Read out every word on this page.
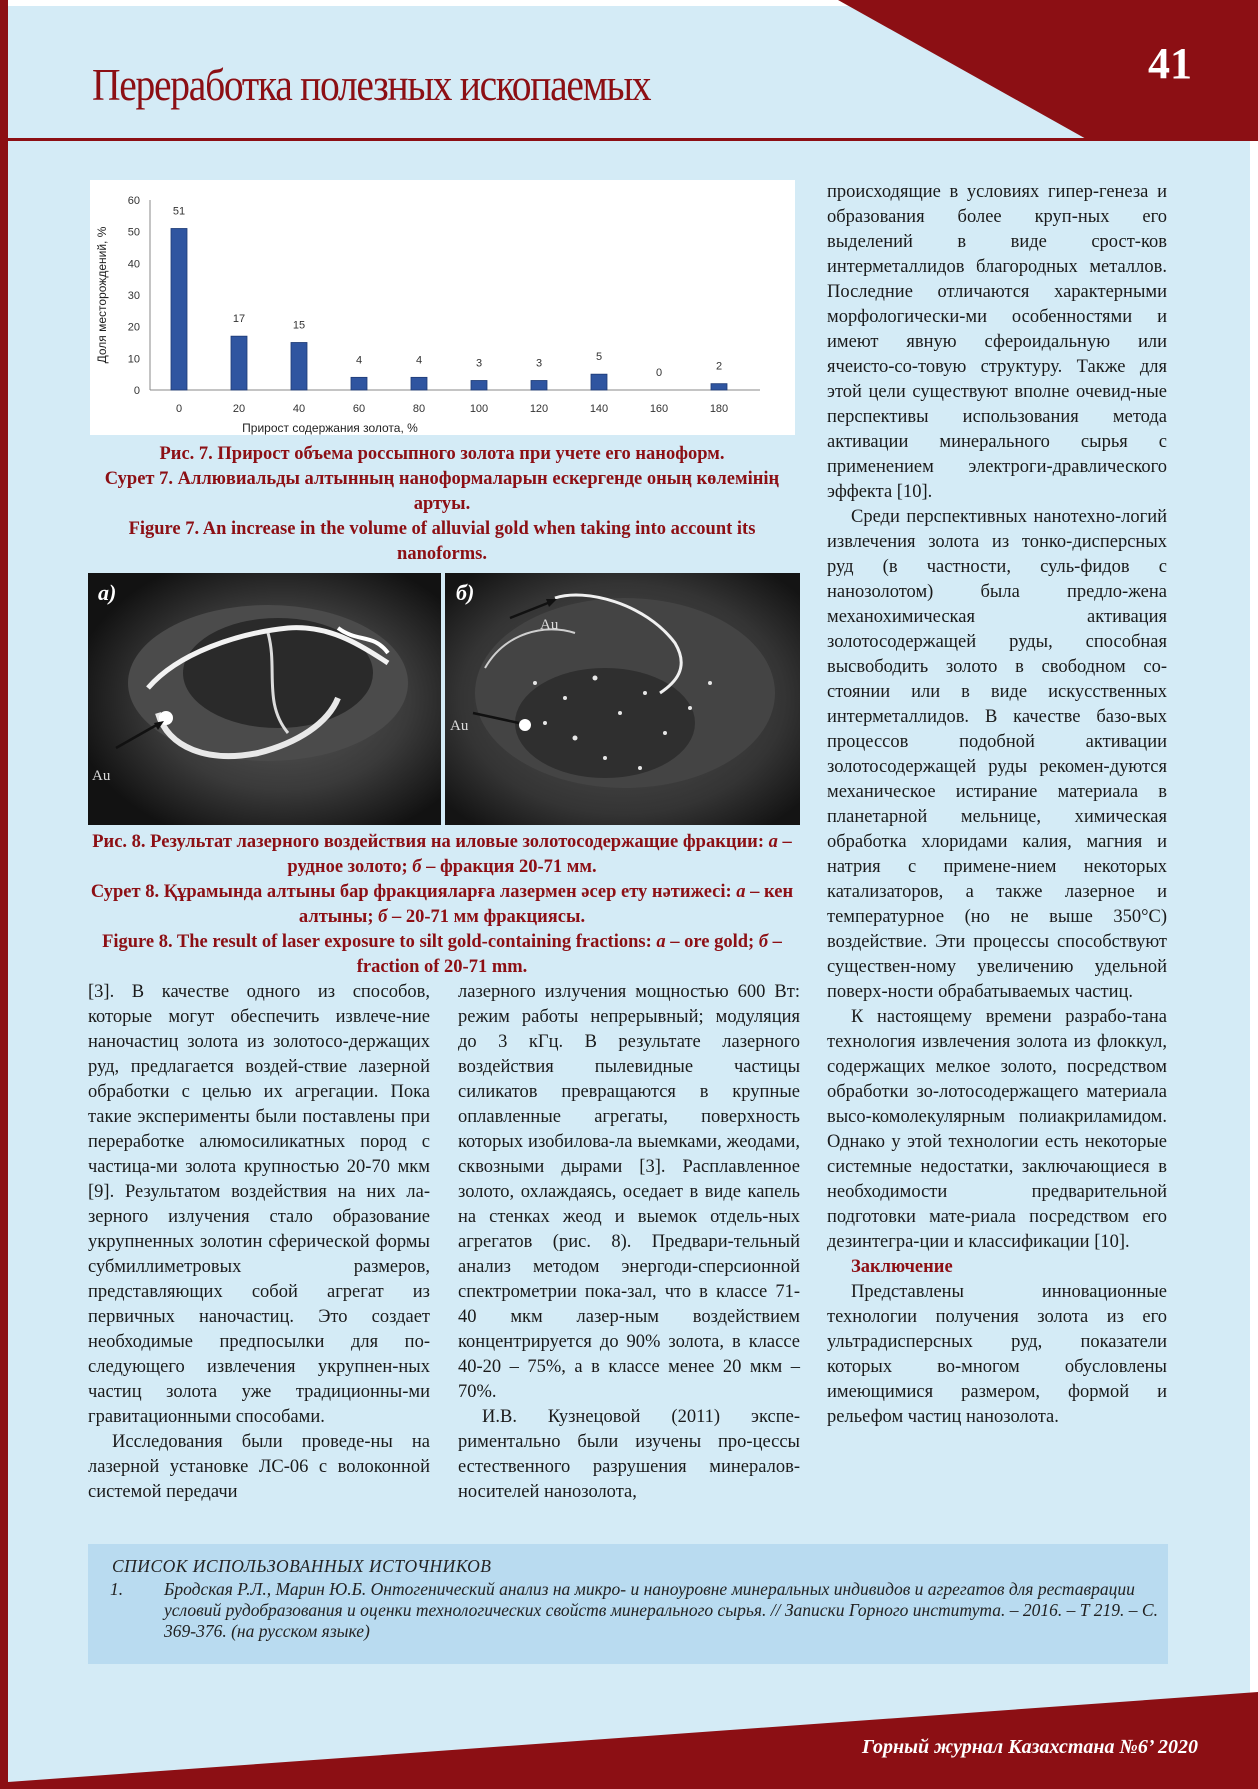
41
Переработка полезных ископаемых
0
10
20
30
40
50
60
51
0
17
20
15
40
4
60
4
80
3
100
3
120
5
140
0
160
2
180
Прирост содержания золота, %
Доля месторождений, %

Рис. 7. Прирост объема россыпного золота при учете его наноформ.

Сурет 7. Аллювиальды алтынның наноформаларын ескергенде оның көлемінің артуы.

Figure 7. An increase in the volume of alluvial gold when taking into account its nanoforms.

а)
Au
б)
Au
Au

Рис. 8. Результат лазерного воздействия на иловые золотосодержащие фракции: а – рудное золото; б – фракция 20-71 мм.

Сурет 8. Құрамында алтыны бар фракцияларға лазермен әсер ету нәтижесі: а – кен алтыны; б – 20-71 мм фракциясы.

Figure 8. The result of laser exposure to silt gold-containing fractions: a – ore gold; б – fraction of 20-71 mm.

[3]. В качестве одного из способов, которые могут обеспечить извлече-ние наночастиц золота из золотосо-держащих руд, предлагается воздей-ствие лазерной обработки с целью их агрегации. Пока такие эксперименты были поставлены при переработке алюмосиликатных пород с частица-ми золота крупностью 20-70 мкм [9]. Результатом воздействия на них ла-зерного излучения стало образование укрупненных золотин сферической формы субмиллиметровых размеров, представляющих собой агрегат из первичных наночастиц. Это создает необходимые предпосылки для по-следующего извлечения укрупнен-ных частиц золота уже традиционны-ми гравитационными способами.

Исследования были проведе-ны на лазерной установке ЛС-06 с волоконной системой передачи

лазерного излучения мощностью 600 Вт: режим работы непрерывный; модуляция до 3 кГц. В результате лазерного воздействия пылевидные частицы силикатов превращаются в крупные оплавленные агрегаты, поверхность которых изобилова-ла выемками, жеодами, сквозными дырами [3]. Расплавленное золото, охлаждаясь, оседает в виде капель на стенках жеод и выемок отдель-ных агрегатов (рис. 8). Предвари-тельный анализ методом энергоди-сперсионной спектрометрии пока-зал, что в классе 71-40 мкм лазер-ным воздействием концентрируется до 90% золота, в классе 40-20 – 75%, а в классе менее 20 мкм – 70%.

И.В. Кузнецовой (2011) экспе-риментально были изучены про-цессы естественного разрушения минералов-носителей нанозолота,

происходящие в условиях гипер-генеза и образования более круп-ных его выделений в виде срост-ков интерметаллидов благородных металлов. Последние отличаются характерными морфологически-ми особенностями и имеют явную сфероидальную или ячеисто-со-товую структуру. Также для этой цели существуют вполне очевид-ные перспективы использования метода активации минерального сырья с применением электроги-дравлического эффекта [10].

Среди перспективных нанотехно-логий извлечения золота из тонко-дисперсных руд (в частности, суль-фидов с нанозолотом) была предло-жена механохимическая активация золотосодержащей руды, способная высвободить золото в свободном со-стоянии или в виде искусственных интерметаллидов. В качестве базо-вых процессов подобной активации золотосодержащей руды рекомен-дуются механическое истирание материала в планетарной мельнице, химическая обработка хлоридами калия, магния и натрия с примене-нием некоторых катализаторов, а также лазерное и температурное (но не выше 350°С) воздействие. Эти процессы способствуют существен-ному увеличению удельной поверх-ности обрабатываемых частиц.

К настоящему времени разрабо-тана технология извлечения золота из флоккул, содержащих мелкое золото, посредством обработки зо-лотосодержащего материала высо-комолекулярным полиакриламидом. Однако у этой технологии есть некоторые системные недостатки, заключающиеся в необходимости предварительной подготовки мате-риала посредством его дезинтегра-ции и классификации [10].

Заключение

Представлены инновационные технологии получения золота из его ультрадисперсных руд, показатели которых во-многом обусловлены имеющимися размером, формой и рельефом частиц нанозолота.

СПИСОК ИСПОЛЬЗОВАННЫХ ИСТОЧНИКОВ
1. Бродская Р.Л., Марин Ю.Б. Онтогенический анализ на микро- и наноуровне минеральных индивидов и агрегатов для реставрации условий рудобразования и оценки технологических свойств минерального сырья. // Записки Горного института. – 2016. – Т 219. – С. 369-376. (на русском языке)
Горный журнал Казахстана №6’ 2020
